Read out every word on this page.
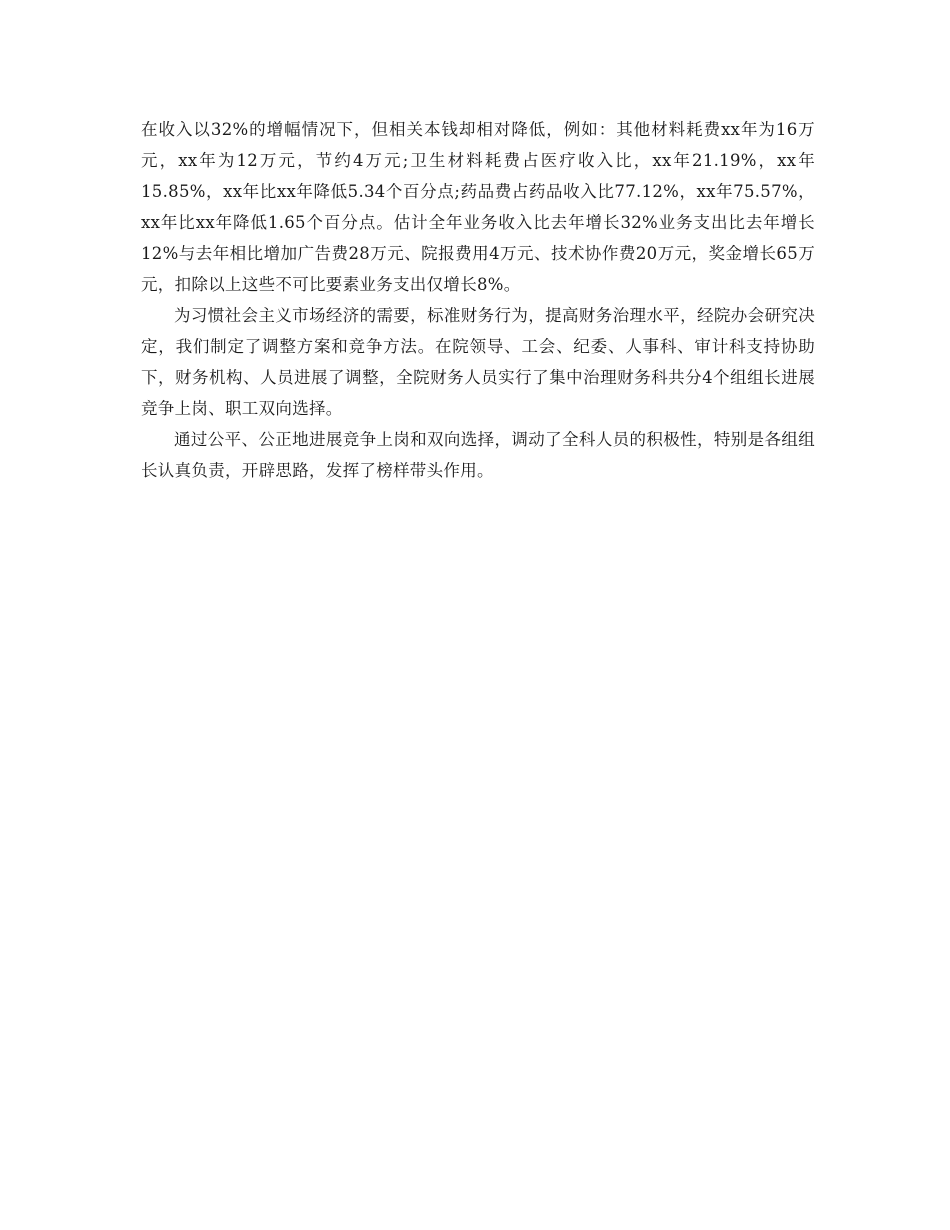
在收入以32%的增幅情况下，但相关本钱却相对降低，例如：其他材料耗费xx年为16万元，xx年为12万元，节约4万元;卫生材料耗费占医疗收入比，xx年21.19%，xx年15.85%，xx年比xx年降低5.34个百分点;药品费占药品收入比77.12%，xx年75.57%，xx年比xx年降低1.65个百分点。估计全年业务收入比去年增长32%业务支出比去年增长12%与去年相比增加广告费28万元、院报费用4万元、技术协作费20万元，奖金增长65万元，扣除以上这些不可比要素业务支出仅增长8%。

为习惯社会主义市场经济的需要，标准财务行为，提高财务治理水平，经院办会研究决定，我们制定了调整方案和竞争方法。在院领导、工会、纪委、人事科、审计科支持协助下，财务机构、人员进展了调整，全院财务人员实行了集中治理财务科共分4个组组长进展竞争上岗、职工双向选择。

通过公平、公正地进展竞争上岗和双向选择，调动了全科人员的积极性，特别是各组组长认真负责，开辟思路，发挥了榜样带头作用。
